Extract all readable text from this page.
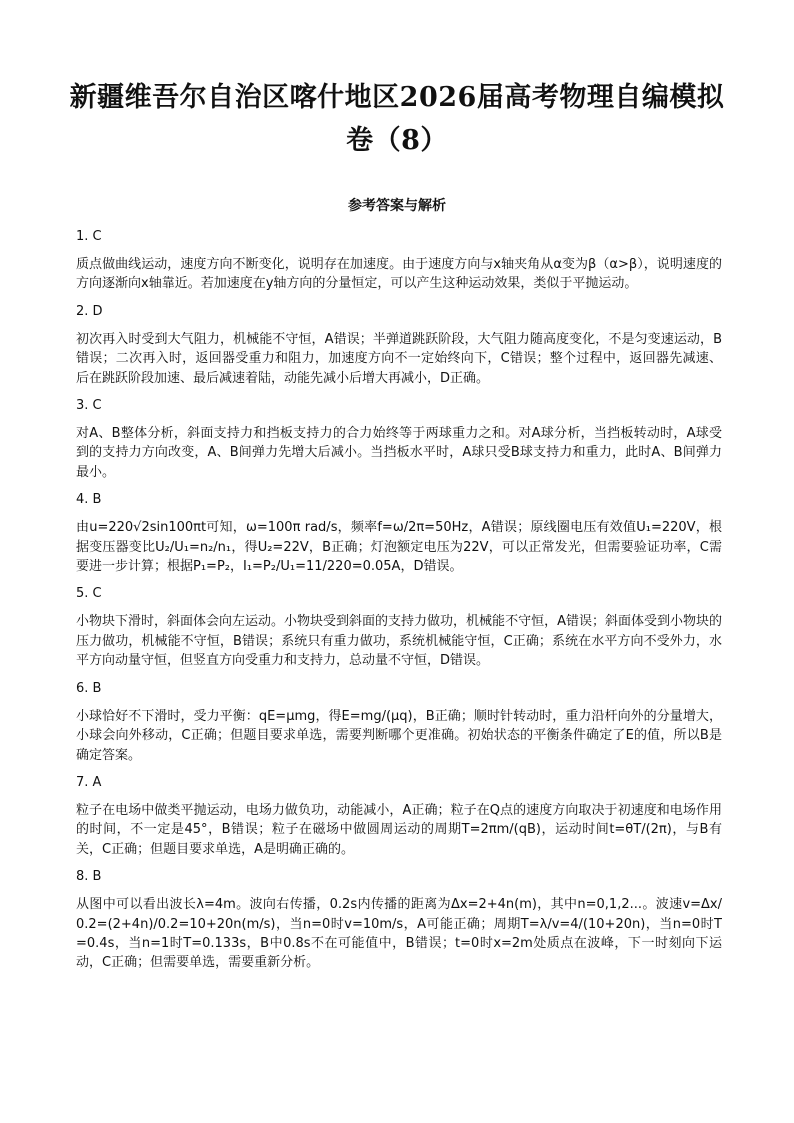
新疆维吾尔自治区喀什地区2026届高考物理自编模拟卷（8）
参考答案与解析

1. C

质点做曲线运动，速度方向不断变化，说明存在加速度。由于速度方向与x轴夹角从α变为β（α>β），说明速度的方向逐渐向x轴靠近。若加速度在y轴方向的分量恒定，可以产生这种运动效果，类似于平抛运动。

2. D

初次再入时受到大气阻力，机械能不守恒，A错误；半弹道跳跃阶段，大气阻力随高度变化，不是匀变速运动，B错误；二次再入时，返回器受重力和阻力，加速度方向不一定始终向下，C错误；整个过程中，返回器先减速、后在跳跃阶段加速、最后减速着陆，动能先减小后增大再减小，D正确。

3. C

对A、B整体分析，斜面支持力和挡板支持力的合力始终等于两球重力之和。对A球分析，当挡板转动时，A球受到的支持力方向改变，A、B间弹力先增大后减小。当挡板水平时，A球只受B球支持力和重力，此时A、B间弹力最小。

4. B

由u=220√2sin100πt可知，ω=100π rad/s，频率f=ω/2π=50Hz，A错误；原线圈电压有效值U₁=220V，根据变压器变比U₂/U₁=n₂/n₁，得U₂=22V，B正确；灯泡额定电压为22V，可以正常发光，但需要验证功率，C需要进一步计算；根据P₁=P₂，I₁=P₂/U₁=11/220=0.05A，D错误。

5. C

小物块下滑时，斜面体会向左运动。小物块受到斜面的支持力做功，机械能不守恒，A错误；斜面体受到小物块的压力做功，机械能不守恒，B错误；系统只有重力做功，系统机械能守恒，C正确；系统在水平方向不受外力，水平方向动量守恒，但竖直方向受重力和支持力，总动量不守恒，D错误。

6. B

小球恰好不下滑时，受力平衡：qE=μmg，得E=mg/(μq)，B正确；顺时针转动时，重力沿杆向外的分量增大，小球会向外移动，C正确；但题目要求单选，需要判断哪个更准确。初始状态的平衡条件确定了E的值，所以B是确定答案。

7. A

粒子在电场中做类平抛运动，电场力做负功，动能减小，A正确；粒子在Q点的速度方向取决于初速度和电场作用的时间，不一定是45°，B错误；粒子在磁场中做圆周运动的周期T=2πm/(qB)，运动时间t=θT/(2π)，与B有关，C正确；但题目要求单选，A是明确正确的。

8. B

从图中可以看出波长λ=4m。波向右传播，0.2s内传播的距离为Δx=2+4n(m)，其中n=0,1,2...。波速v=Δx/0.2=(2+4n)/0.2=10+20n(m/s)，当n=0时v=10m/s，A可能正确；周期T=λ/v=4/(10+20n)，当n=0时T=0.4s，当n=1时T=0.133s，B中0.8s不在可能值中，B错误；t=0时x=2m处质点在波峰，下一时刻向下运动，C正确；但需要单选，需要重新分析。
